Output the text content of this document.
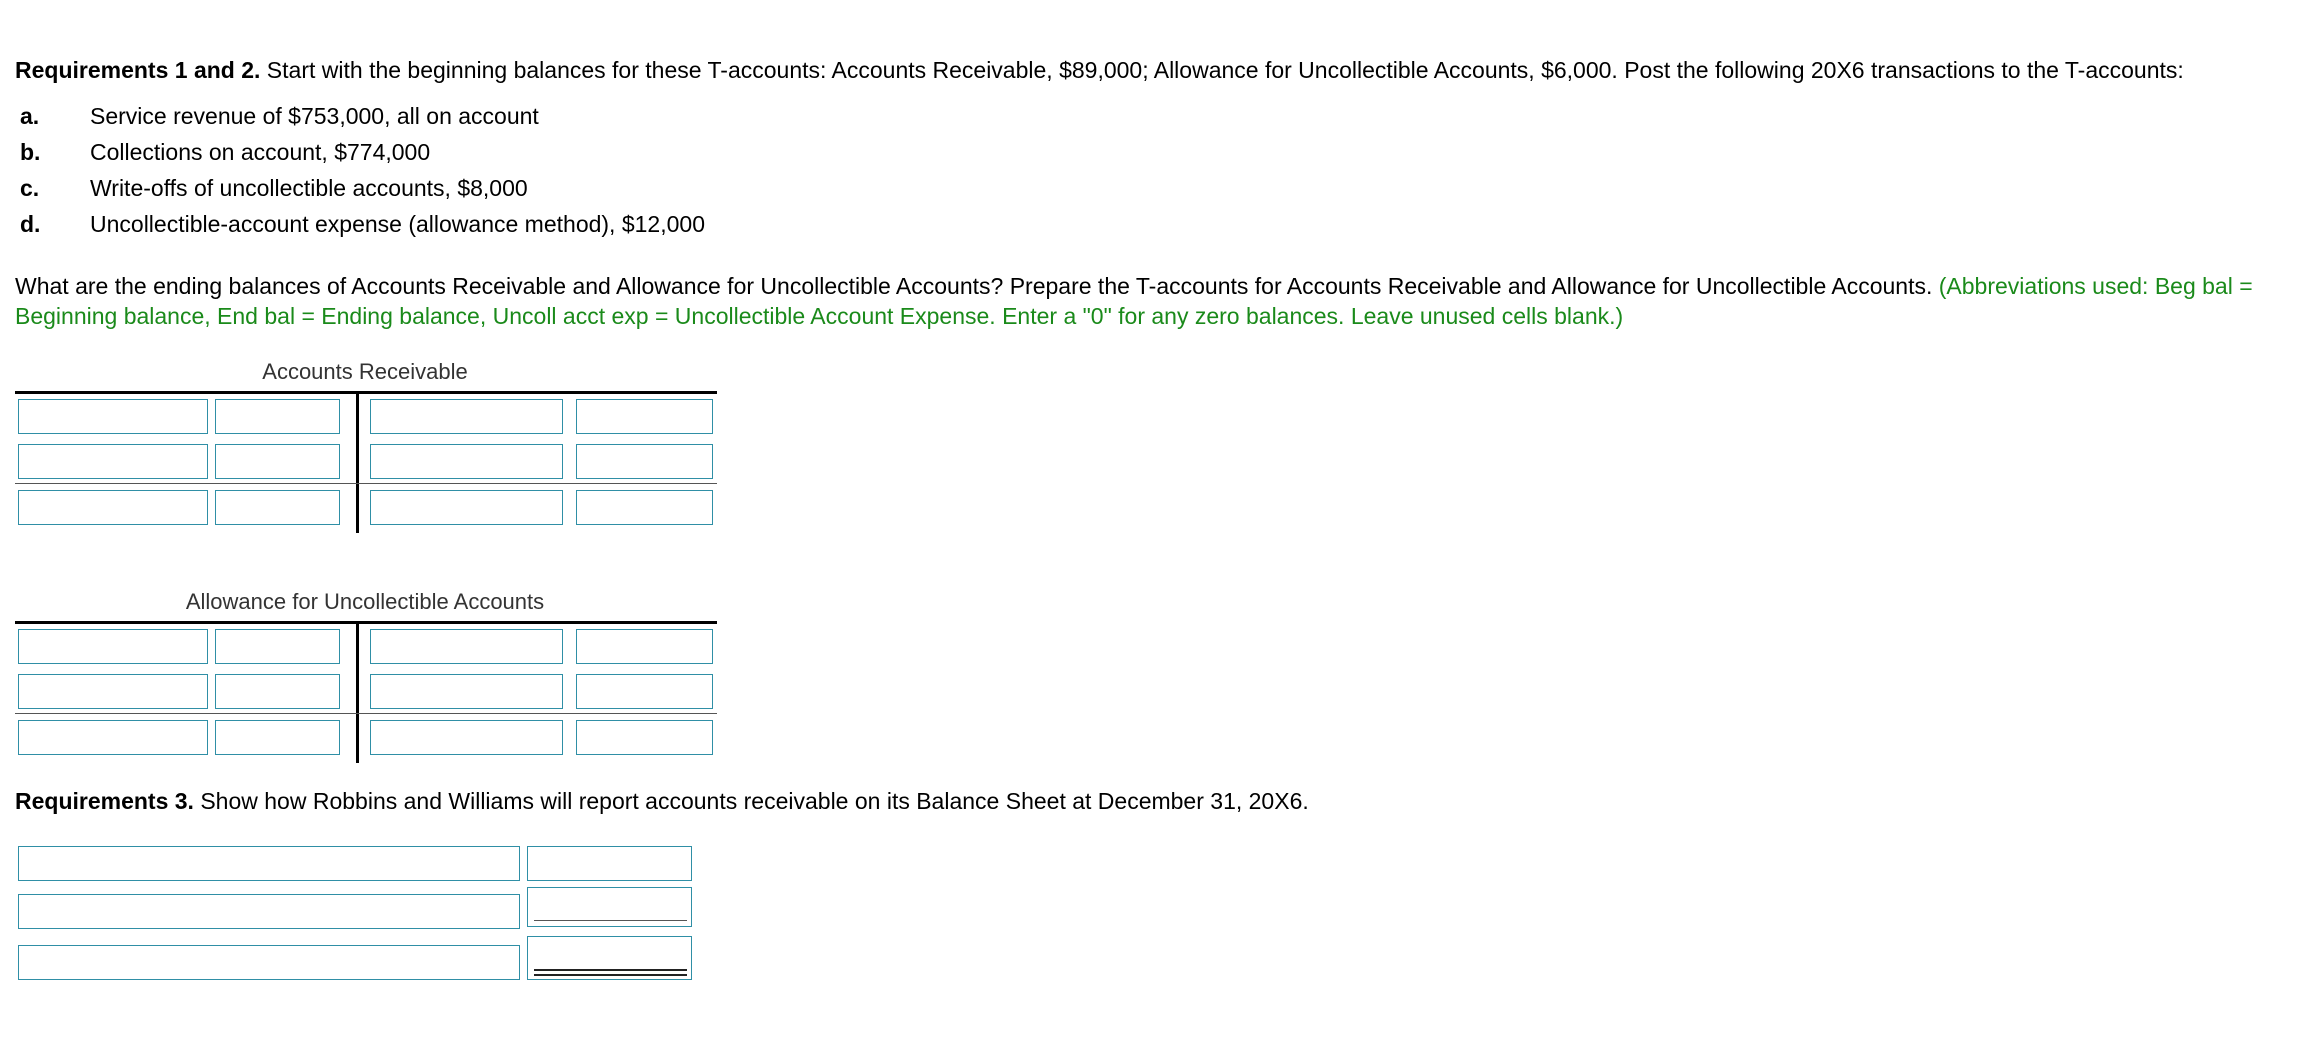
Requirements 1 and 2. Start with the beginning balances for these T-accounts: Accounts Receivable, $89,000; Allowance for Uncollectible Accounts, $6,000. Post the following 20X6 transactions to the T-accounts:
a.	Service revenue of $753,000, all on account
b.	Collections on account, $774,000
c.	Write-offs of uncollectible accounts, $8,000
d.	Uncollectible-account expense (allowance method), $12,000
What are the ending balances of Accounts Receivable and Allowance for Uncollectible Accounts? Prepare the T-accounts for Accounts Receivable and Allowance for Uncollectible Accounts. (Abbreviations used: Beg bal =
Beginning balance, End bal = Ending balance, Uncoll acct exp = Uncollectible Account Expense. Enter a "0" for any zero balances. Leave unused cells blank.)
Accounts Receivable
Allowance for Uncollectible Accounts
Requirements 3. Show how Robbins and Williams will report accounts receivable on its Balance Sheet at December 31, 20X6.
